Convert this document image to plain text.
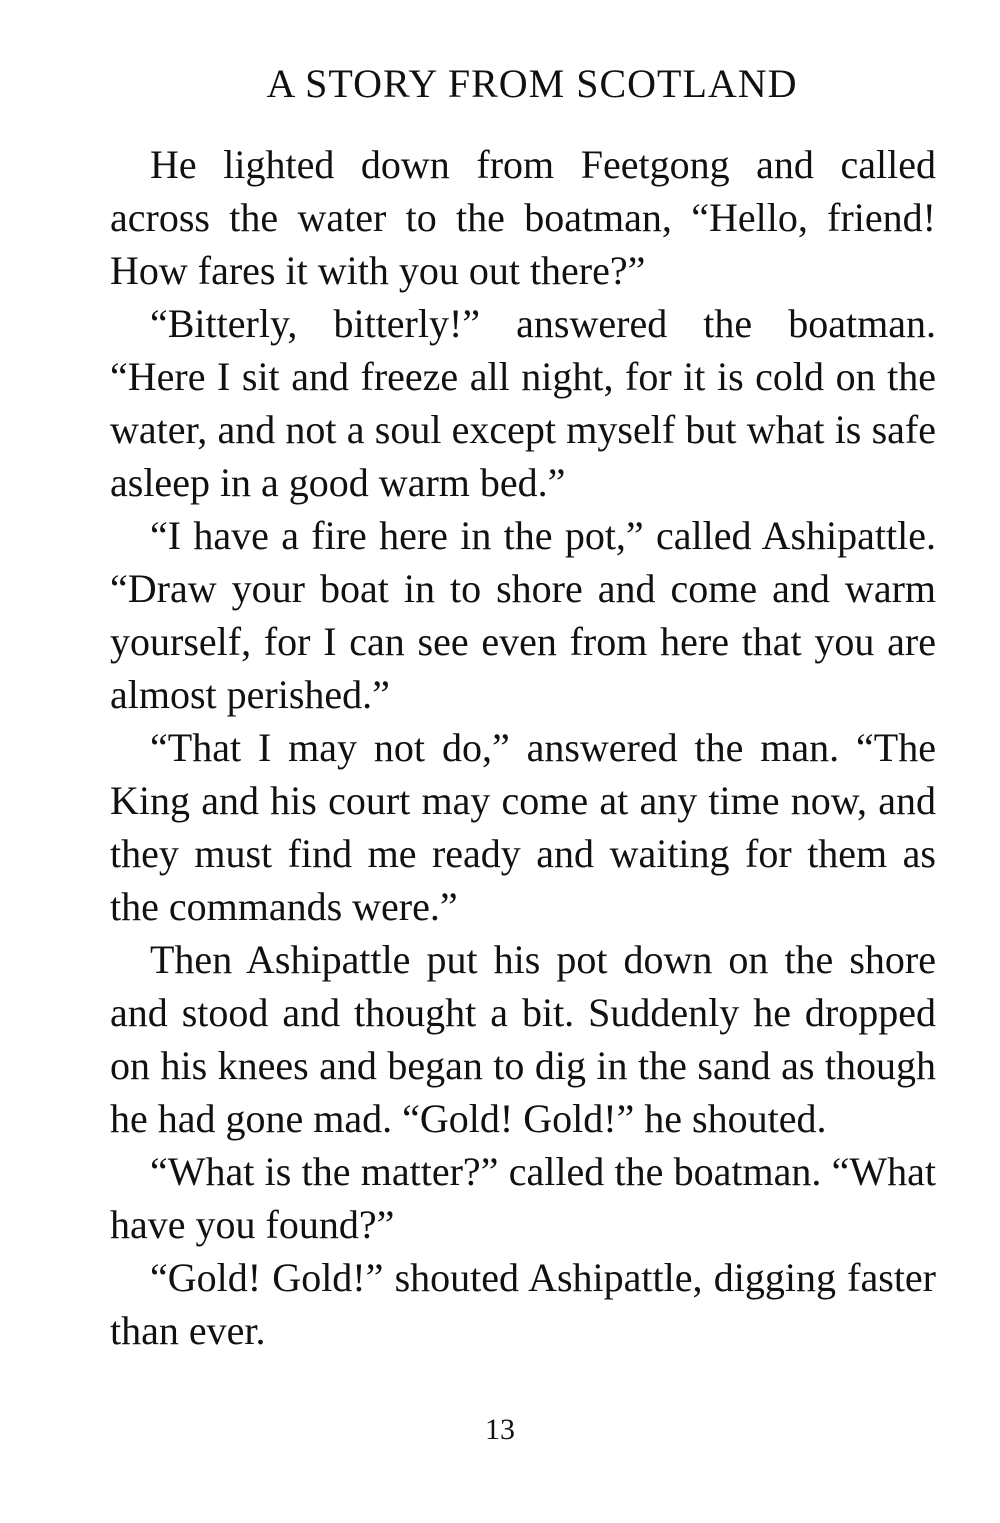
A STORY FROM SCOTLAND

He lighted down from Feetgong and called across the water to the boatman, “Hello, friend! How fares it with you out there?”

“Bitterly, bitterly!” answered the boatman. “Here I sit and freeze all night, for it is cold on the water, and not a soul except myself but what is safe asleep in a good warm bed.”

“I have a fire here in the pot,” called Ashipattle. “Draw your boat in to shore and come and warm yourself, for I can see even from here that you are almost perished.”

“That I may not do,” answered the man. “The King and his court may come at any time now, and they must find me ready and waiting for them as the commands were.”

Then Ashipattle put his pot down on the shore and stood and thought a bit. Suddenly he dropped on his knees and began to dig in the sand as though he had gone mad. “Gold! Gold!” he shouted.

“What is the matter?” called the boatman. “What have you found?”

“Gold! Gold!” shouted Ashipattle, digging faster than ever.

13
